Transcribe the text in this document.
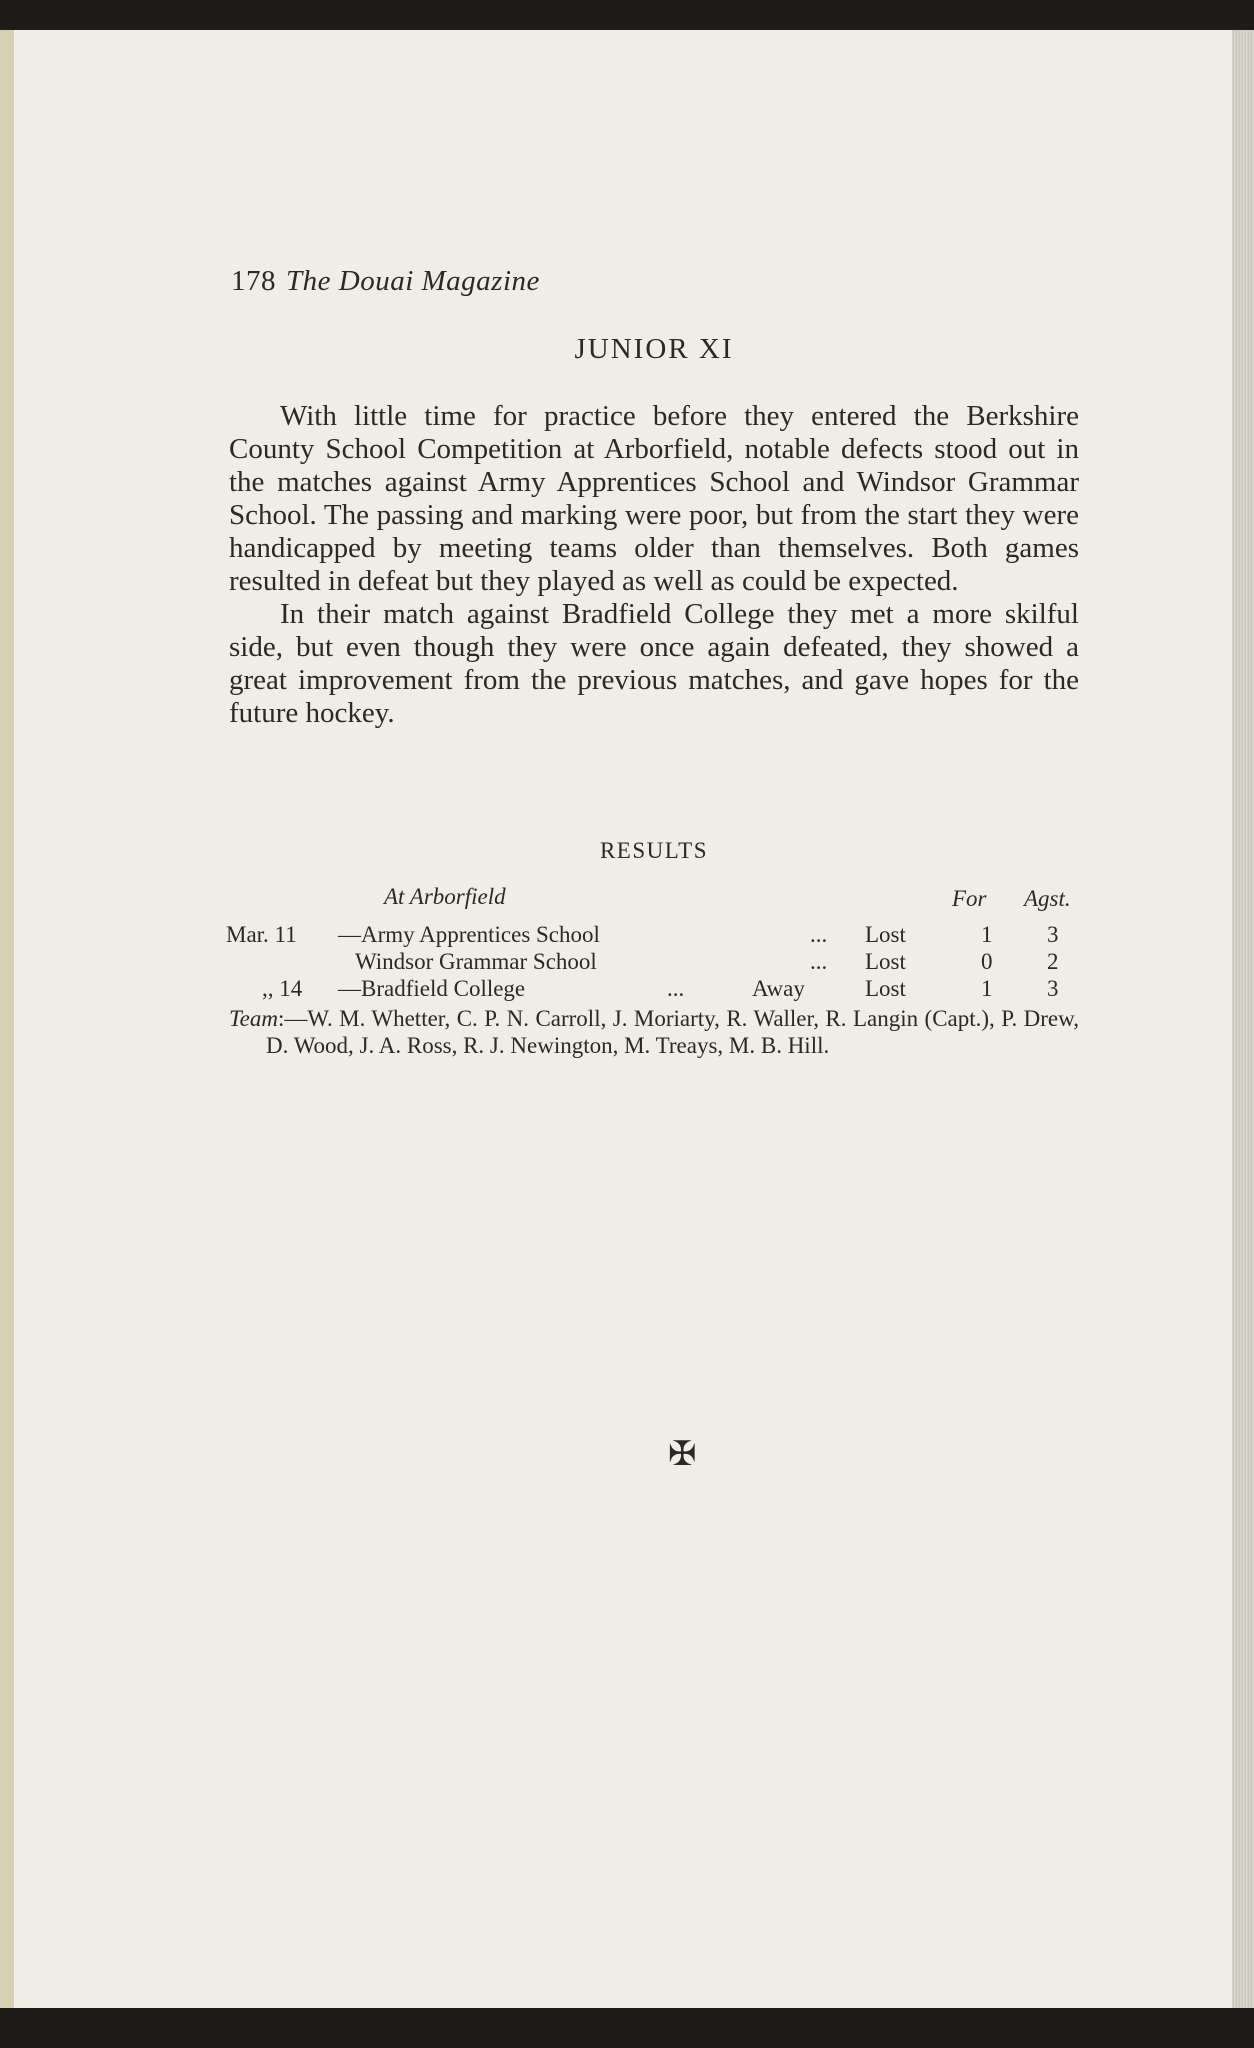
178 The Douai Magazine
JUNIOR XI

With little time for practice before they entered the Berkshire County School Competition at Arborfield, notable defects stood out in the matches against Army Apprentices School and Windsor Grammar School. The passing and marking were poor, but from the start they were handicapped by meeting teams older than themselves. Both games resulted in defeat but they played as well as could be expected.

In their match against Bradfield College they met a more skilful side, but even though they were once again defeated, they showed a great improvement from the previous matches, and gave hopes for the future hockey.

RESULTS
At Arborfield	For Agst.
Mar. 11 —Army Apprentices School	... Lost	1 3
Windsor Grammar School	... Lost	0 2
,, 14 —Bradfield College	...	Away	Lost	1 3

Team:—W. M. Whetter, C. P. N. Carroll, J. Moriarty, R. Waller, R. Langin (Capt.), P. Drew, D. Wood, J. A. Ross, R. J. Newington, M. Treays, M. B. Hill.

✠
